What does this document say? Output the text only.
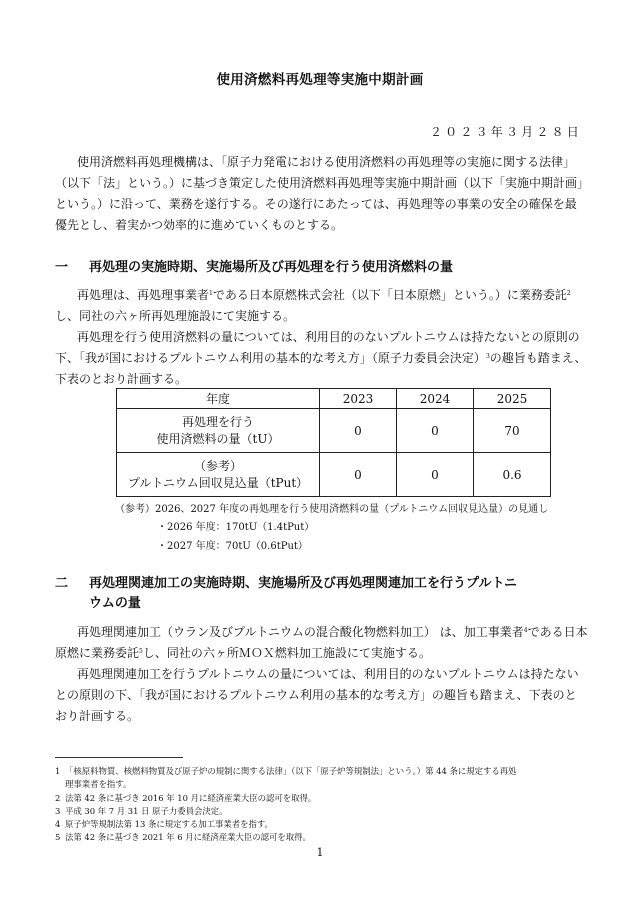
使用済燃料再処理等実施中期計画
２０２３年３月２８日
使用済燃料再処理機構は、「原子力発電における使用済燃料の再処理等の実施に関する法律」（以下「法」という。）に基づき策定した使用済燃料再処理等実施中期計画（以下「実施中期計画」という。）に沿って、業務を遂行する。その遂行にあたっては、再処理等の事業の安全の確保を最優先とし、着実かつ効率的に進めていくものとする。
一 再処理の実施時期、実施場所及び再処理を行う使用済燃料の量
再処理は、再処理事業者$^1$である日本原燃株式会社（以下「日本原燃」という。）に業務委託$^2$し、同社の六ヶ所再処理施設にて実施する。
再処理を行う使用済燃料の量については、利用目的のないプルトニウムは持たないとの原則の下、「我が国におけるプルトニウム利用の基本的な考え方」（原子力委員会決定）$^3$の趣旨も踏まえ、下表のとおり計画する。
年度	2023	2024	2025

再処理を行う
使用済燃料の量（tU）	0	0	70

（参考）
プルトニウム回収見込量（tPut）	0	0	0.6
（参考）2026、2027 年度の再処理を行う使用済燃料の量（プルトニウム回収見込量）の見通し
・2026 年度：170tU（1.4tPut）
・2027 年度：70tU（0.6tPut）
二 再処理関連加工の実施時期、実施場所及び再処理関連加工を行うプルトニ
ウムの量
再処理関連加工（ウラン及びプルトニウムの混合酸化物燃料加工） は、加工事業者$^4$である日本原燃に業務委託$^5$し、同社の六ヶ所ＭＯＸ燃料加工施設にて実施する。
再処理関連加工を行うプルトニウムの量については、利用目的のないプルトニウムは持たないとの原則の下、「我が国におけるプルトニウム利用の基本的な考え方」の趣旨も踏まえ、下表のとおり計画する。
1 「核原料物質、核燃料物質及び原子炉の規制に関する法律」（以下「原子炉等規制法」という。）第 44 条に規定する再処
理事業者を指す。
2 法第 42 条に基づき 2016 年 10 月に経済産業大臣の認可を取得。
3 平成 30 年 7 月 31 日 原子力委員会決定。
4 原子炉等規制法第 13 条に規定する加工事業者を指す。
5 法第 42 条に基づき 2021 年 6 月に経済産業大臣の認可を取得。
1
